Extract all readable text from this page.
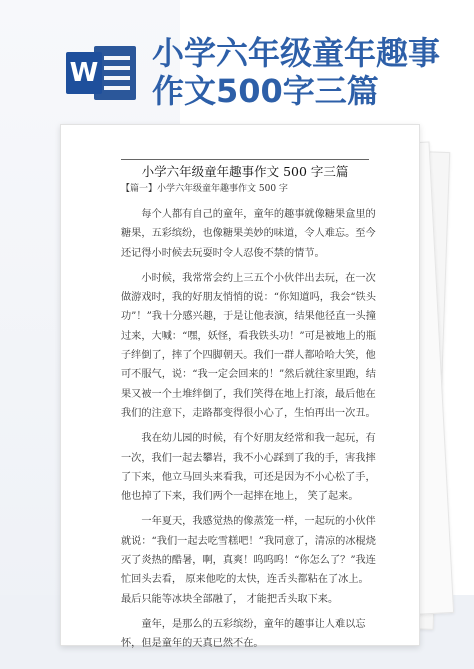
W
小学六年级童年趣事作文500字三篇
小学六年级童年趣事作文 500 字三篇
【篇一】小学六年级童年趣事作文 500 字

每个人都有自己的童年，童年的趣事就像糖果盒里的糖果，五彩缤纷，也像糖果美妙的味道，令人难忘。至今还记得小时候去玩耍时令人忍俊不禁的情节。

小时候，我常常会约上三五个小伙伴出去玩，在一次做游戏时，我的好朋友悄悄的说：“你知道吗，我会“铁头功”！”我十分感兴趣，于是让他表演，结果他径直一头撞过来，大喊：“嘿，妖怪，看我铁头功！”可是被地上的瓶子绊倒了，摔了个四脚朝天。我们一群人都哈哈大笑，他可不服气，说：“我一定会回来的！”然后就往家里跑，结果又被一个土堆绊倒了，我们笑得在地上打滚，最后他在我们的注意下，走路都变得很小心了，生怕再出一次丑。

我在幼儿园的时候，有个好朋友经常和我一起玩，有一次，我们一起去攀岩，我不小心踩到了我的手，害我摔了下来，他立马回头来看我，可还是因为不小心松了手，他也掉了下来，我们两个一起摔在地上， 笑了起来。

一年夏天，我感觉热的像蒸笼一样，一起玩的小伙伴就说：“我们一起去吃雪糕吧！”我同意了，清凉的冰棍烧灭了炎热的酷暑，啊，真爽！呜呜呜！“你怎么了？”我连忙回头去看， 原来他吃的太快，连舌头都粘在了冰上。 最后只能等冰块全部融了， 才能把舌头取下来。

童年，是那么的五彩缤纷，童年的趣事让人难以忘怀，但是童年的天真已然不在。
